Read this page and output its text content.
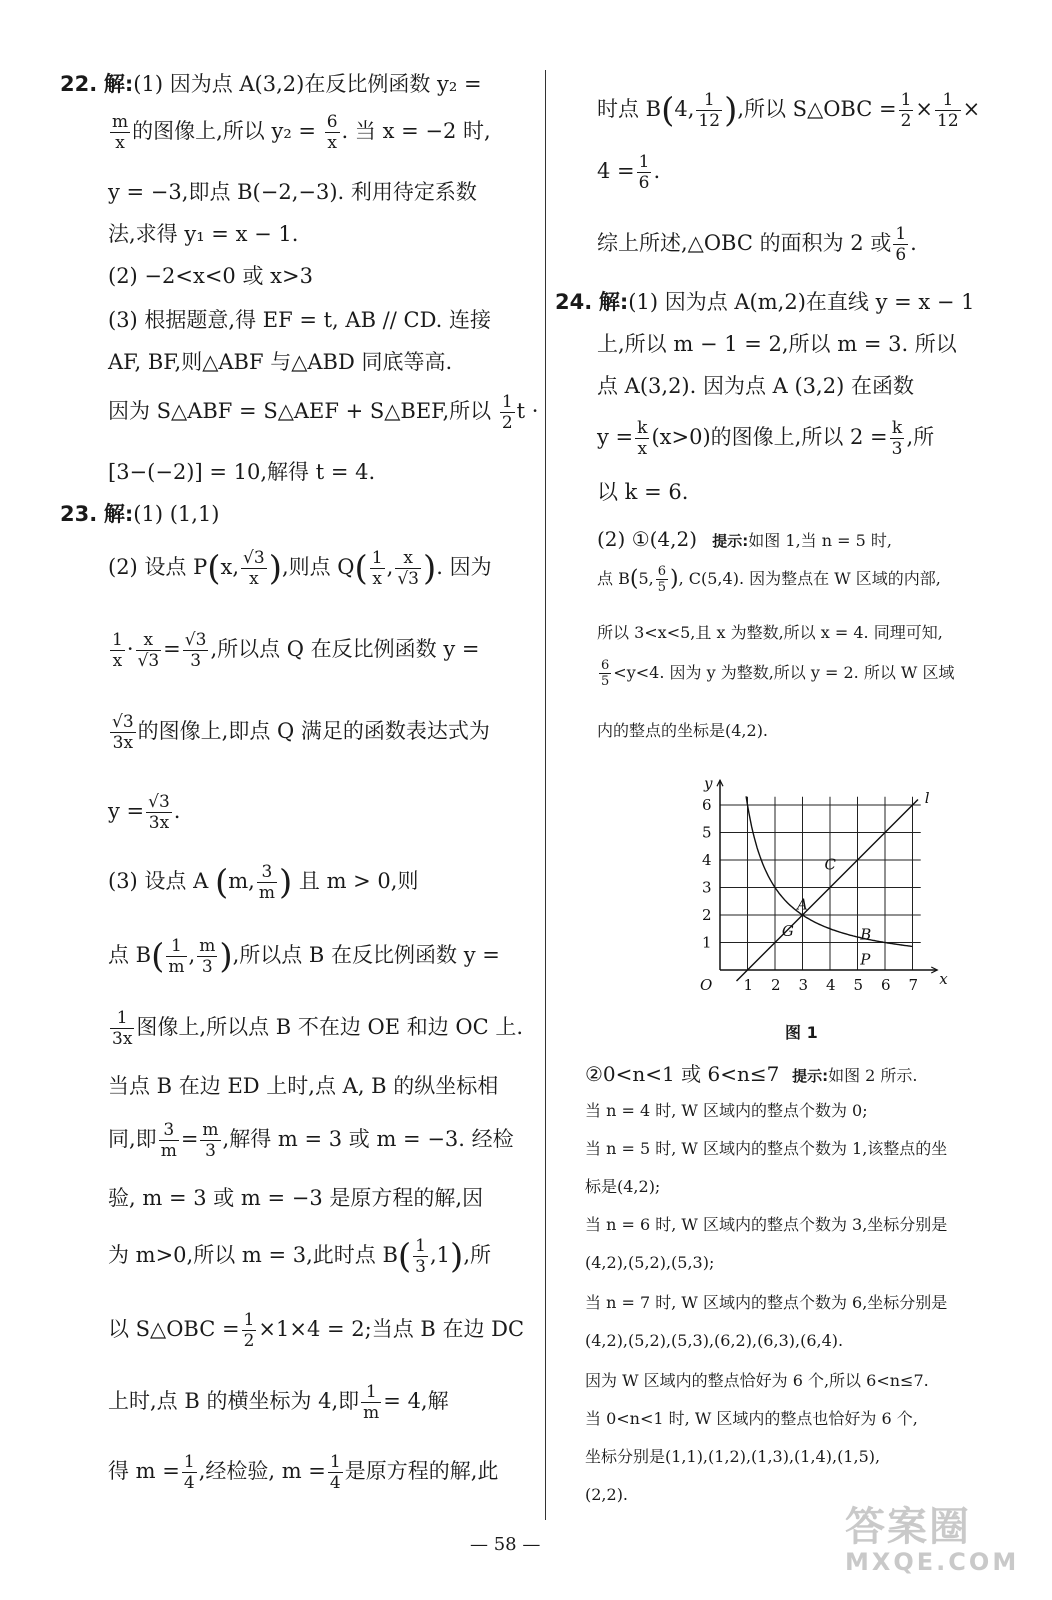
22. 解:(1) 因为点 A(3,2)在反比例函数 y₂ =
$\frac{m}{x}$ 的图像上,所以 $y_2 = \frac{6}{x}$ . 当 x = −2 时,
y = −3,即点 B(−2,−3). 利用待定系数
法,求得 y₁ = x − 1.
(2) −2<x<0 或 x>3
(3) 根据题意,得 EF = t, AB // CD. 连接
AF, BF,则△ABF 与△ABD 同底等高.
因为 S△ABF = S△AEF + S△BEF,所以 $\frac{1}{2}$ t ·
[3−(−2)] = 10,解得 t = 4.
23. 解:(1) (1,1)
(2) 设点 P(x, $\frac{√3}{x}$ ),则点 $Q( \frac{1}{x}$ , $\frac{x}{√3}$ ). 因为
$\frac{1}{x} \cdot \frac{x}{√3} = \frac{√3}{3}$ ,所以点 Q 在反比例函数 y =
$\frac{√3}{3x}$ 的图像上,即点 Q 满足的函数表达式为
$y = \frac{√3}{3x}$ .
(3) 设点 A (m, $\frac{3}{m}$ ) 且 m > 0,则
点 $B( \frac{1}{m}$ , $\frac{m}{3}$ ),所以点 B 在反比例函数 y =
$\frac{1}{3x}$ 图像上,所以点 B 不在边 OE 和边 OC 上.
当点 B 在边 ED 上时,点 A, B 的纵坐标相
同,即 $\frac{3}{m} = \frac{m}{3}$ ,解得 m = 3 或 m = −3. 经检
验, m = 3 或 m = −3 是原方程的解,因
为 m>0,所以 m = 3,此时点 $B( \frac{1}{3} ,1)$,所
以 S△OBC = $\frac{1}{2} \times 1\times 4 = 2$;当点 B 在边 DC
上时,点 B 的横坐标为 4,即 $\frac{1}{m} = 4$,解
得 $m = \frac{1}{4}$ ,经检验, $m = \frac{1}{4}$ 是原方程的解,此
时点 B(4, $\frac{1}{12}$ ),所以 S△OBC = $\frac{1}{2} \times \frac{1}{12}$ ×
$4 = \frac{1}{6}$ .
综上所述,△OBC 的面积为 2 或 $\frac{1}{6}$ .
24. 解:(1) 因为点 A(m,2)在直线 y = x − 1
上,所以 m − 1 = 2,所以 m = 3. 所以
点 A(3,2). 因为点 A (3,2) 在函数
$y = \frac{k}{x} (x>0)$的图像上,所以 $2 = \frac{k}{3}$ ,所
以 k = 6.
(2) ①(4,2) 提示:如图 1,当 n = 5 时,
点 B(5, $\frac{6}{5}$ ), C(5,4). 因为整点在 W 区域的内部,
所以 3<x<5,且 x 为整数,所以 x = 4. 同理可知,
$\frac{6}{5} <y<4$. 因为 y 为整数,所以 y = 2. 所以 W 区域
内的整点的坐标是(4,2).
1 2 3 4 5 6 7
1
2
3
4
5
6
O	x
y
l
C
A
G	B
P
图 1
②0<n<1 或 6<n≤7 提示:如图 2 所示.
当 n = 4 时, W 区域内的整点个数为 0;
当 n = 5 时, W 区域内的整点个数为 1,该整点的坐
标是(4,2);
当 n = 6 时, W 区域内的整点个数为 3,坐标分别是
(4,2),(5,2),(5,3);
当 n = 7 时, W 区域内的整点个数为 6,坐标分别是
(4,2),(5,2),(5,3),(6,2),(6,3),(6,4).
因为 W 区域内的整点恰好为 6 个,所以 6<n≤7.
当 0<n<1 时, W 区域内的整点也恰好为 6 个,
坐标分别是(1,1),(1,2),(1,3),(1,4),(1,5),
(2,2).
— 58 —	答案圈
MXQE.COM
